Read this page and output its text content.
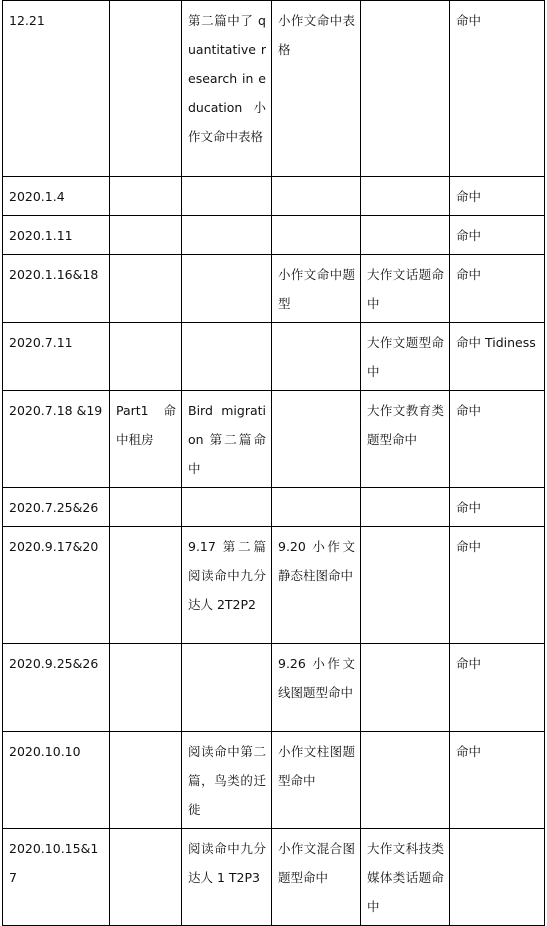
12.21		第二篇中了 quantitative research in education 小作文命中表格	小作文命中表格		命中
2020.1.4					命中
2020.1.11					命中
2020.1.16&18			小作文命中题型	大作文话题命中	命中
2020.7.11				大作文题型命中	命中 Tidiness
2020.7.18 &19	Part1 命中租房	Bird migration 第二篇命中		大作文教育类题型命中	命中
2020.7.25&26					命中
2020.9.17&20		9.17 第二篇阅读命中九分达人 2T2P2	9.20 小作文静态柱图命中		命中
2020.9.25&26			9.26 小作文线图题型命中		命中
2020.10.10		阅读命中第二篇，鸟类的迁徙	小作文柱图题型命中		命中
2020.10.15&17		阅读命中九分达人 1 T2P3	小作文混合图题型命中	大作文科技类媒体类话题命中	
